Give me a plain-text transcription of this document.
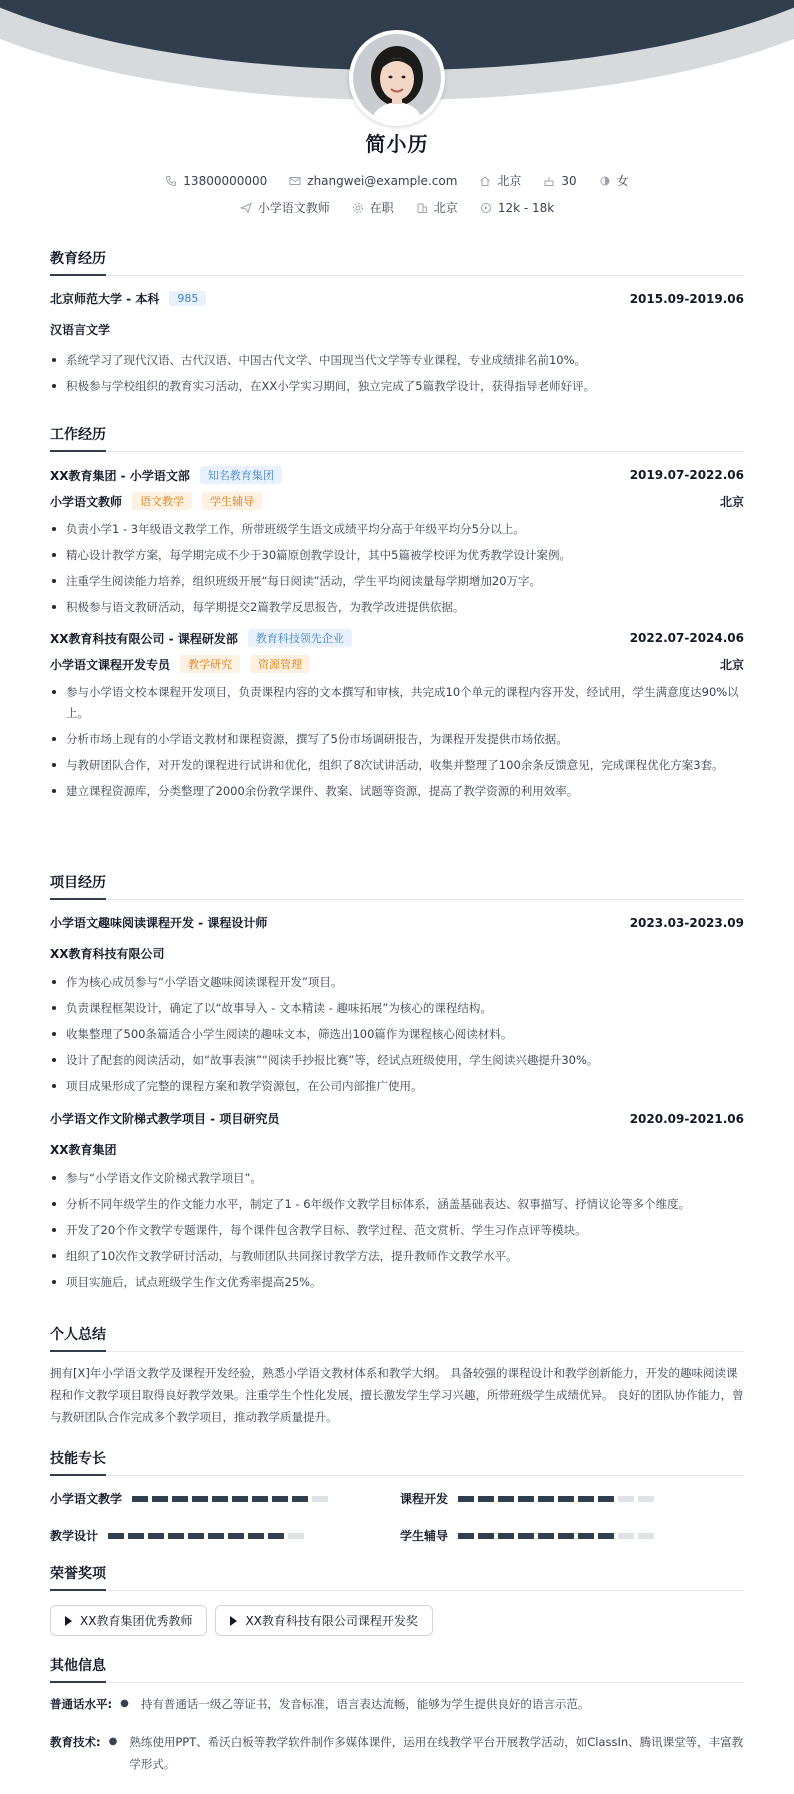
简小历
13800000000	zhangwei@example.com	北京	30	女
小学语文教师	在职	北京	12k - 18k
教育经历
北京师范大学 - 本科	985	2015.09-2019.06
汉语言文学
系统学习了现代汉语、古代汉语、中国古代文学、中国现当代文学等专业课程，专业成绩排名前10%。
积极参与学校组织的教育实习活动，在XX小学实习期间，独立完成了5篇教学设计，获得指导老师好评。
工作经历
XX教育集团 - 小学语文部	知名教育集团	2019.07-2022.06
小学语文教师	语文教学	学生辅导	北京
负责小学1 - 3年级语文教学工作，所带班级学生语文成绩平均分高于年级平均分5分以上。
精心设计教学方案，每学期完成不少于30篇原创教学设计，其中5篇被学校评为优秀教学设计案例。
注重学生阅读能力培养，组织班级开展“每日阅读”活动，学生平均阅读量每学期增加20万字。
积极参与语文教研活动，每学期提交2篇教学反思报告，为教学改进提供依据。
XX教育科技有限公司 - 课程研发部	教育科技领先企业	2022.07-2024.06
小学语文课程开发专员	教学研究	资源管理	北京
参与小学语文校本课程开发项目，负责课程内容的文本撰写和审核，共完成10个单元的课程内容开发，经试用，学生满意度达90%以上。
分析市场上现有的小学语文教材和课程资源，撰写了5份市场调研报告，为课程开发提供市场依据。
与教研团队合作，对开发的课程进行试讲和优化，组织了8次试讲活动，收集并整理了100余条反馈意见，完成课程优化方案3套。
建立课程资源库，分类整理了2000余份教学课件、教案、试题等资源，提高了教学资源的利用效率。
项目经历
小学语文趣味阅读课程开发 - 课程设计师	2023.03-2023.09
XX教育科技有限公司
作为核心成员参与“小学语文趣味阅读课程开发”项目。
负责课程框架设计，确定了以“故事导入 - 文本精读 - 趣味拓展”为核心的课程结构。
收集整理了500条篇适合小学生阅读的趣味文本，筛选出100篇作为课程核心阅读材料。
设计了配套的阅读活动，如“故事表演”“阅读手抄报比赛”等，经试点班级使用，学生阅读兴趣提升30%。
项目成果形成了完整的课程方案和教学资源包，在公司内部推广使用。
小学语文作文阶梯式教学项目 - 项目研究员	2020.09-2021.06
XX教育集团
参与“小学语文作文阶梯式教学项目”。
分析不同年级学生的作文能力水平，制定了1 - 6年级作文教学目标体系，涵盖基础表达、叙事描写、抒情议论等多个维度。
开发了20个作文教学专题课件，每个课件包含教学目标、教学过程、范文赏析、学生习作点评等模块。
组织了10次作文教学研讨活动，与教师团队共同探讨教学方法，提升教师作文教学水平。
项目实施后，试点班级学生作文优秀率提高25%。
个人总结
拥有[X]年小学语文教学及课程开发经验，熟悉小学语文教材体系和教学大纲。 具备较强的课程设计和教学创新能力，开发的趣味阅读课程和作文教学项目取得良好教学效果。注重学生个性化发展，擅长激发学生学习兴趣，所带班级学生成绩优异。 良好的团队协作能力，曾与教研团队合作完成多个教学项目，推动教学质量提升。
技能专长
小学语文教学	课程开发
教学设计	学生辅导
荣誉奖项
XX教育集团优秀教师	XX教育科技有限公司课程开发奖
其他信息
普通话水平: ● 持有普通话一级乙等证书，发音标准，语言表达流畅，能够为学生提供良好的语言示范。
教育技术: ● 熟练使用PPT、希沃白板等教学软件制作多媒体课件，运用在线教学平台开展教学活动，如ClassIn、腾讯课堂等，丰富教学形式。
